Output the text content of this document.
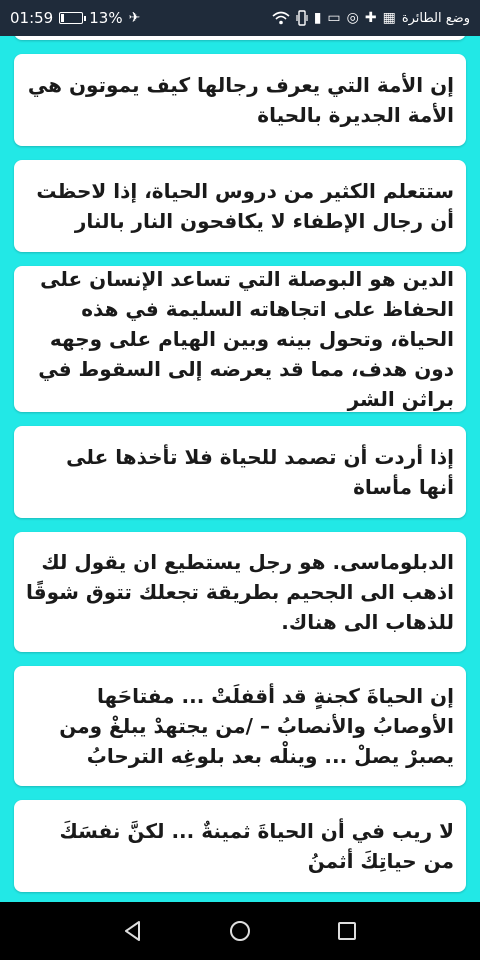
01:59 13% ✈	▮ ▭ ◎ ✚ ▦ وضع الطائرة
إن الأمة التي يعرف رجالها كيف يموتون هي الأمة الجديرة بالحياة
ستتعلم الكثير من دروس الحياة، إذا لاحظت أن رجال الإطفاء لا يكافحون النار بالنار
الدين هو البوصلة التي تساعد الإنسان على الحفاظ على اتجاهاته السليمة في هذه الحياة، وتحول بينه وبين الهيام على وجهه دون هدف، مما قد يعرضه إلى السقوط في براثن الشر
إذا أردت أن تصمد للحياة فلا تأخذها على أنها مأساة
الدبلوماسى. هو رجل يستطيع ان يقول لك اذهب الى الجحيم بطريقة تجعلك تتوق شوقًا للذهاب الى هناك.
إن الحياةَ كجنةٍ قد أقفلَتْ ... مفتاحَها الأوصابُ والأنصابُ – /من يجتهدْ يبلغْ ومن يصبرْ يصلْ ... وينلْه بعد بلوغِه الترحابُ
لا ريب في أن الحياةَ ثمينةٌ ... لكنَّ نفسَكَ من حياتِكَ أثمنُ
